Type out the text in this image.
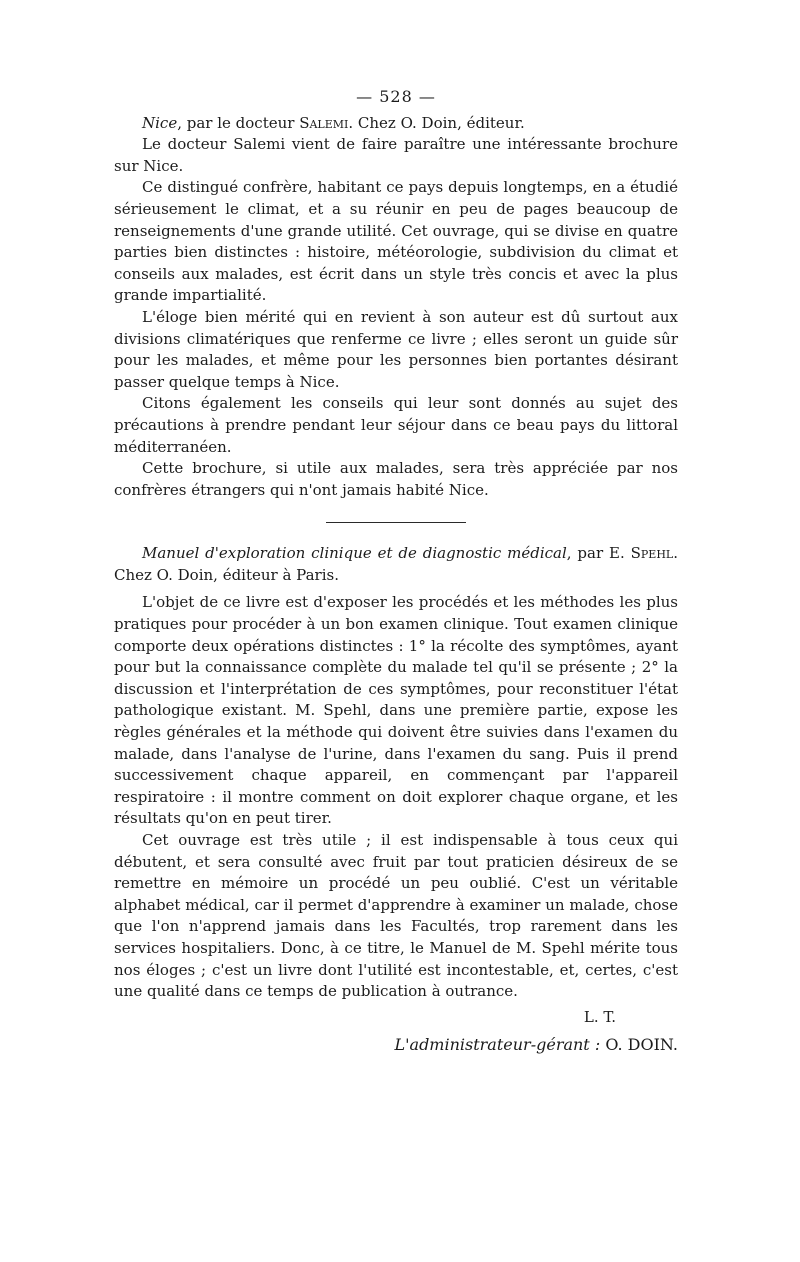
— 528 —

Nice, par le docteur Salemi. Chez O. Doin, éditeur.

Le docteur Salemi vient de faire paraître une intéressante brochure sur Nice.

Ce distingué confrère, habitant ce pays depuis longtemps, en a étudié sérieusement le climat, et a su réunir en peu de pages beaucoup de renseignements d'une grande utilité. Cet ouvrage, qui se divise en quatre parties bien distinctes : histoire, météorologie, subdivision du climat et conseils aux malades, est écrit dans un style très concis et avec la plus grande impartialité.

L'éloge bien mérité qui en revient à son auteur est dû surtout aux divisions climatériques que renferme ce livre ; elles seront un guide sûr pour les malades, et même pour les personnes bien portantes désirant passer quelque temps à Nice.

Citons également les conseils qui leur sont donnés au sujet des précautions à prendre pendant leur séjour dans ce beau pays du littoral méditerranéen.

Cette brochure, si utile aux malades, sera très appréciée par nos confrères étrangers qui n'ont jamais habité Nice.

Manuel d'exploration clinique et de diagnostic médical, par E. Spehl. Chez O. Doin, éditeur à Paris.

L'objet de ce livre est d'exposer les procédés et les méthodes les plus pratiques pour procéder à un bon examen clinique. Tout examen clinique comporte deux opérations distinctes : 1° la récolte des symptômes, ayant pour but la connaissance complète du malade tel qu'il se présente ; 2° la discussion et l'interprétation de ces symptômes, pour reconstituer l'état pathologique existant. M. Spehl, dans une première partie, expose les règles générales et la méthode qui doivent être suivies dans l'examen du malade, dans l'analyse de l'urine, dans l'examen du sang. Puis il prend successivement chaque appareil, en commençant par l'appareil respiratoire : il montre comment on doit explorer chaque organe, et les résultats qu'on en peut tirer.

Cet ouvrage est très utile ; il est indispensable à tous ceux qui débutent, et sera consulté avec fruit par tout praticien désireux de se remettre en mémoire un procédé un peu oublié. C'est un véritable alphabet médical, car il permet d'apprendre à examiner un malade, chose que l'on n'apprend jamais dans les Facultés, trop rarement dans les services hospitaliers. Donc, à ce titre, le Manuel de M. Spehl mérite tous nos éloges ; c'est un livre dont l'utilité est incontestable, et, certes, c'est une qualité dans ce temps de publication à outrance.

L. T.
L'administrateur-gérant : O. DOIN.
